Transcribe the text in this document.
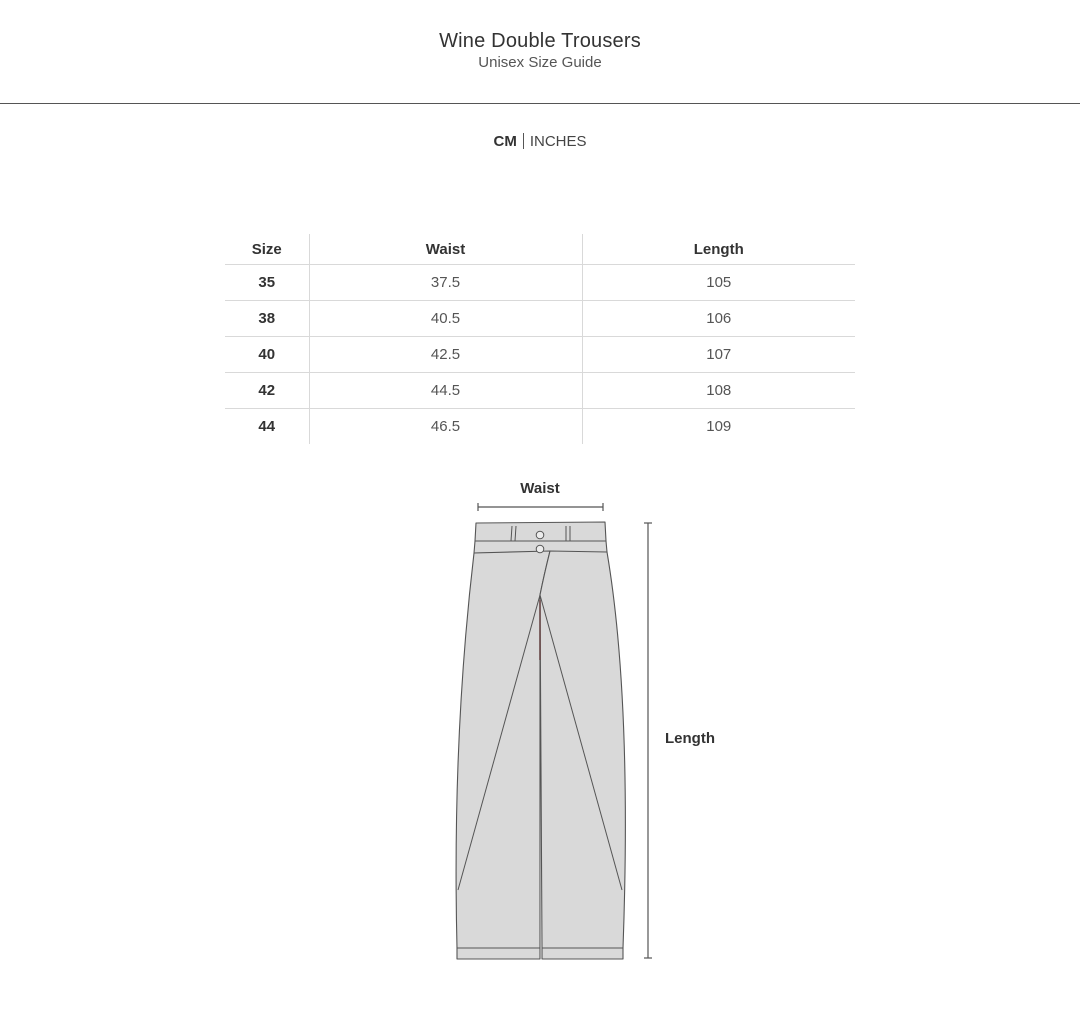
Wine Double Trousers
Unisex Size Guide
CM INCHES
Size	Waist	Length
35	37.5	105
38	40.5	106
40	42.5	107
42	44.5	108
44	46.5	109
Waist
Length
